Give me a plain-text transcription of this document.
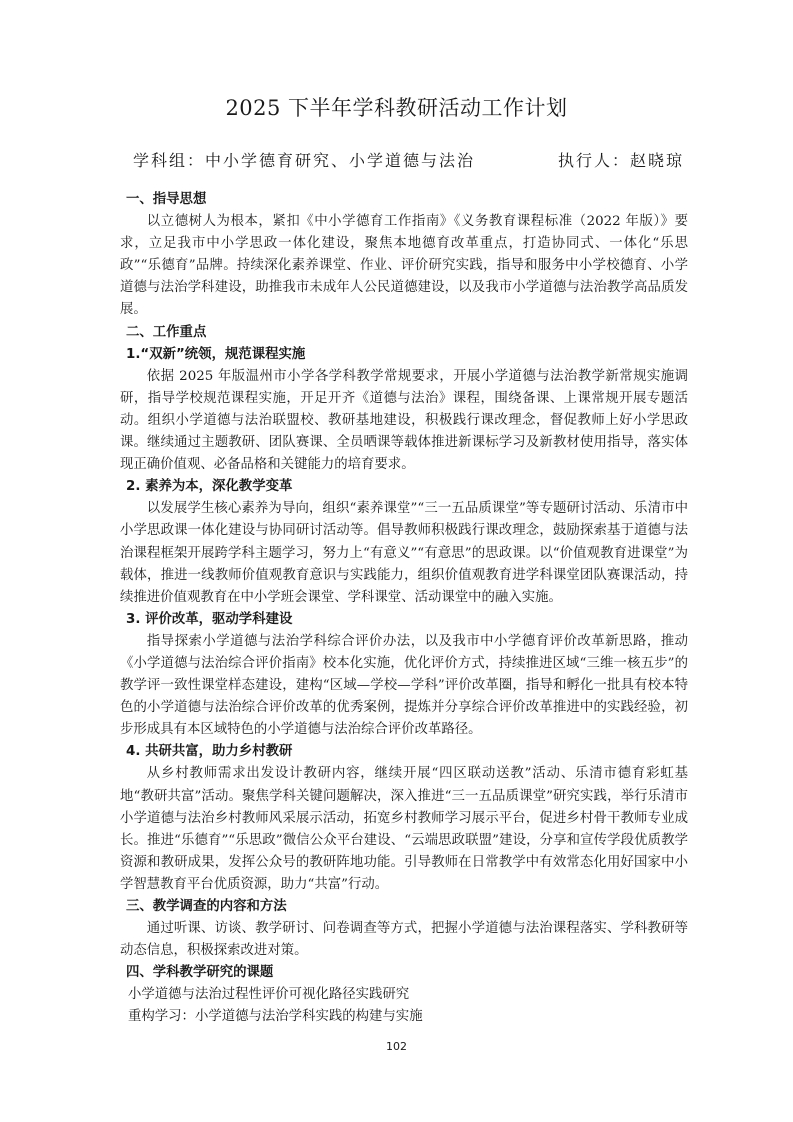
2025 下半年学科教研活动工作计划
学科组：中小学德育研究、小学道德与法治	执行人：赵晓琼
一、指导思想
以立德树人为根本，紧扣《中小学德育工作指南》《义务教育课程标准（2022 年版）》要求，立足我市中小学思政一体化建设，聚焦本地德育改革重点，打造协同式、一体化“乐思政”“乐德育”品牌。持续深化素养课堂、作业、评价研究实践，指导和服务中小学校德育、小学道德与法治学科建设，助推我市未成年人公民道德建设，以及我市小学道德与法治教学高品质发展。
二、工作重点
1.“双新”统领，规范课程实施
依据 2025 年版温州市小学各学科教学常规要求，开展小学道德与法治教学新常规实施调研，指导学校规范课程实施，开足开齐《道德与法治》课程，围绕备课、上课常规开展专题活动。组织小学道德与法治联盟校、教研基地建设，积极践行课改理念，督促教师上好小学思政课。继续通过主题教研、团队赛课、全员晒课等载体推进新课标学习及新教材使用指导，落实体现正确价值观、必备品格和关键能力的培育要求。
2. 素养为本，深化教学变革
以发展学生核心素养为导向，组织“素养课堂”“三一五品质课堂”等专题研讨活动、乐清市中小学思政课一体化建设与协同研讨活动等。倡导教师积极践行课改理念，鼓励探索基于道德与法治课程框架开展跨学科主题学习，努力上“有意义”“有意思”的思政课。以“价值观教育进课堂”为载体，推进一线教师价值观教育意识与实践能力，组织价值观教育进学科课堂团队赛课活动，持续推进价值观教育在中小学班会课堂、学科课堂、活动课堂中的融入实施。
3. 评价改革，驱动学科建设
指导探索小学道德与法治学科综合评价办法，以及我市中小学德育评价改革新思路，推动《小学道德与法治综合评价指南》校本化实施，优化评价方式，持续推进区域“三维一核五步”的教学评一致性课堂样态建设，建构“区域—学校—学科”评价改革圈，指导和孵化一批具有校本特色的小学道德与法治综合评价改革的优秀案例，提炼并分享综合评价改革推进中的实践经验，初步形成具有本区域特色的小学道德与法治综合评价改革路径。
4. 共研共富，助力乡村教研
从乡村教师需求出发设计教研内容，继续开展“四区联动送教”活动、乐清市德育彩虹基地“教研共富”活动。聚焦学科关键问题解决，深入推进“三一五品质课堂”研究实践，举行乐清市小学道德与法治乡村教师风采展示活动，拓宽乡村教师学习展示平台，促进乡村骨干教师专业成长。推进“乐德育”“乐思政”微信公众平台建设、“云端思政联盟”建设，分享和宣传学段优质教学资源和教研成果，发挥公众号的教研阵地功能。引导教师在日常教学中有效常态化用好国家中小学智慧教育平台优质资源，助力“共富”行动。
三、教学调查的内容和方法
通过听课、访谈、教学研讨、问卷调查等方式，把握小学道德与法治课程落实、学科教研等动态信息，积极探索改进对策。
四、学科教学研究的课题
小学道德与法治过程性评价可视化路径实践研究
重构学习：小学道德与法治学科实践的构建与实施
102
